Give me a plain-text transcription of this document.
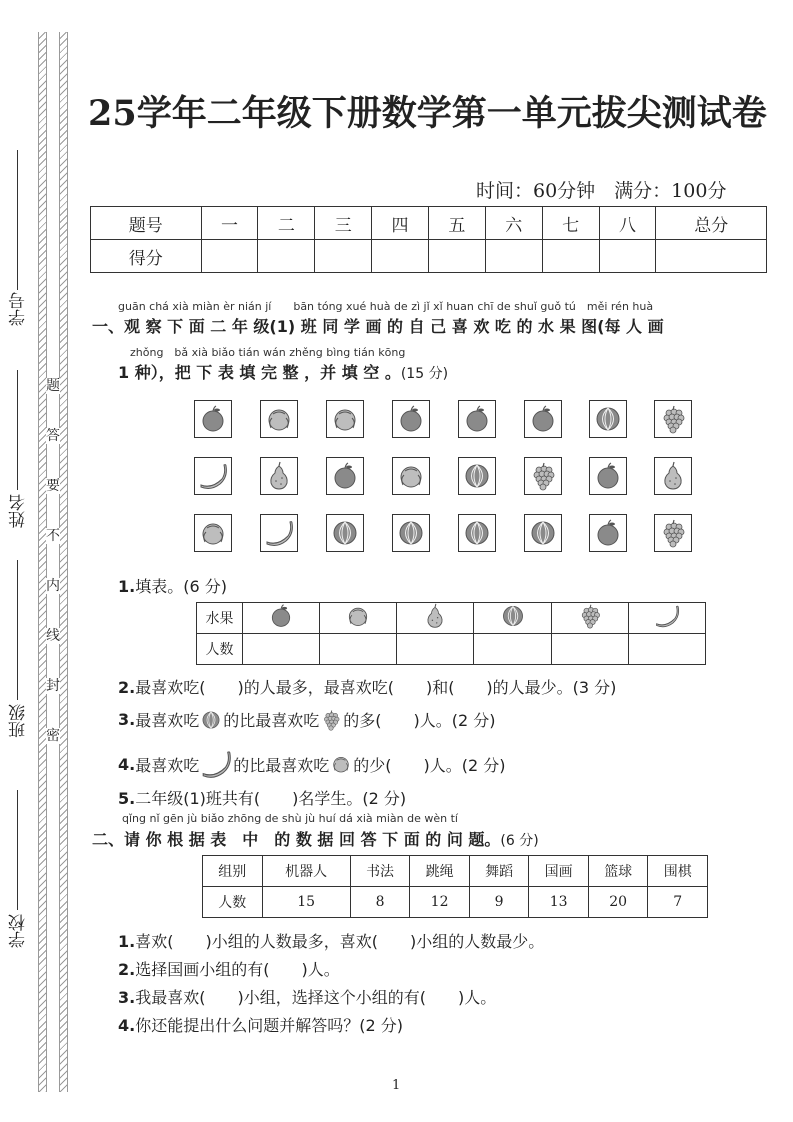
学号
姓名
班级
学校
题
答
要
不
内
线
封
密
25学年二年级下册数学第一单元拔尖测试卷
时间：60分钟　满分：100分
题号	一	二	三	四	五	六	七	八	总分
得分									
guān chá xià miàn èr nián jí　　bān tóng xué huà de zì jǐ xǐ huan chī de shuǐ guǒ tú　měi rén huà
一、观 察 下 面 二 年 级(1) 班 同 学 画 的 自 己 喜 欢 吃 的 水 果 图(每 人 画
zhǒng　bǎ xià biǎo tián wán zhěng bìng tián kōng
1 种），把 下 表 填 完 整 ，并 填 空 。(15 分)
1.填表。(6 分)
水果	

人数						
2.最喜欢吃(　　)的人最多，最喜欢吃(　　)和(　　)的人最少。(3 分)
3. 最喜欢吃 的比最喜欢吃 的多(　　)人。(2 分)
4. 最喜欢吃 的比最喜欢吃 的少(　　)人。(2 分)
5.二年级(1)班共有(　　)名学生。(2 分)
qǐng nǐ gēn jù biǎo zhōng de shù jù huí dá xià miàn de wèn tí
二、请 你 根 据 表　中　的 数 据 回 答 下 面 的 问 题。(6 分)
组别	机器人	书法	跳绳	舞蹈	国画	篮球	围棋
人数	15	8	12	9	13	20	7
1.喜欢(　　)小组的人数最多，喜欢(　　)小组的人数最少。
2.选择国画小组的有(　　)人。
3.我最喜欢(　　)小组，选择这个小组的有(　　)人。
4.你还能提出什么问题并解答吗？(2 分)
1
